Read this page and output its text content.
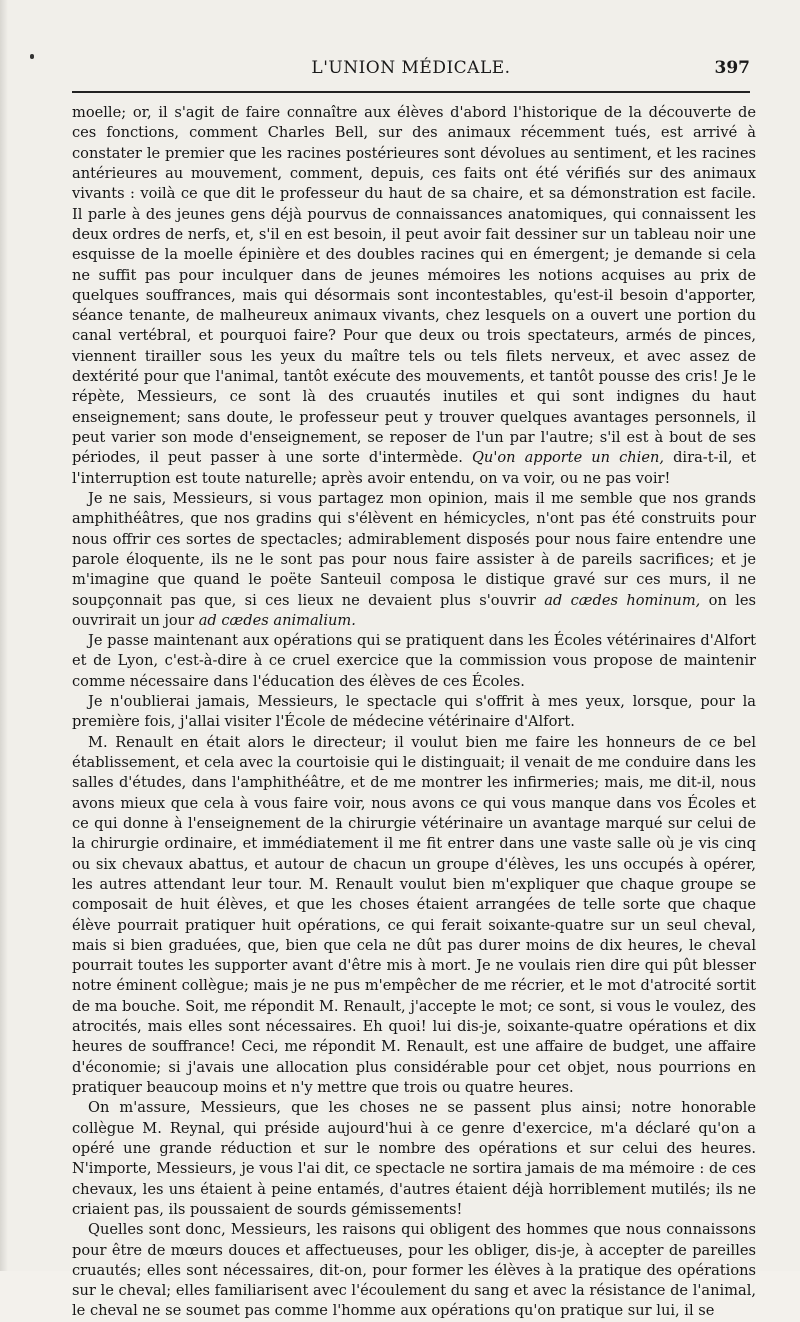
L'UNION MÉDICALE.	397

moelle; or, il s'agit de faire connaître aux élèves d'abord l'historique de la découverte de ces fonctions, comment Charles Bell, sur des animaux récemment tués, est arrivé à constater le premier que les racines postérieures sont dévolues au sentiment, et les racines antérieures au mouvement, comment, depuis, ces faits ont été vérifiés sur des animaux vivants : voilà ce que dit le professeur du haut de sa chaire, et sa démonstration est facile. Il parle à des jeunes gens déjà pourvus de connaissances anatomiques, qui connaissent les deux ordres de nerfs, et, s'il en est besoin, il peut avoir fait dessiner sur un tableau noir une esquisse de la moelle épinière et des doubles racines qui en émergent; je demande si cela ne suffit pas pour inculquer dans de jeunes mémoires les notions acquises au prix de quelques souffrances, mais qui désormais sont incontestables, qu'est-il besoin d'apporter, séance tenante, de malheureux animaux vivants, chez lesquels on a ouvert une portion du canal vertébral, et pourquoi faire? Pour que deux ou trois spectateurs, armés de pinces, viennent tirailler sous les yeux du maître tels ou tels filets nerveux, et avec assez de dextérité pour que l'animal, tantôt exécute des mouvements, et tantôt pousse des cris! Je le répète, Messieurs, ce sont là des cruautés inutiles et qui sont indignes du haut enseignement; sans doute, le professeur peut y trouver quelques avantages personnels, il peut varier son mode d'enseignement, se reposer de l'un par l'autre; s'il est à bout de ses périodes, il peut passer à une sorte d'intermède. Qu'on apporte un chien, dira-t-il, et l'interruption est toute naturelle; après avoir entendu, on va voir, ou ne pas voir!

Je ne sais, Messieurs, si vous partagez mon opinion, mais il me semble que nos grands amphithéâtres, que nos gradins qui s'élèvent en hémicycles, n'ont pas été construits pour nous offrir ces sortes de spectacles; admirablement disposés pour nous faire entendre une parole éloquente, ils ne le sont pas pour nous faire assister à de pareils sacrifices; et je m'imagine que quand le poëte Santeuil composa le distique gravé sur ces murs, il ne soupçonnait pas que, si ces lieux ne devaient plus s'ouvrir ad cædes hominum, on les ouvrirait un jour ad cædes animalium.

Je passe maintenant aux opérations qui se pratiquent dans les Écoles vétérinaires d'Alfort et de Lyon, c'est-à-dire à ce cruel exercice que la commission vous propose de maintenir comme nécessaire dans l'éducation des élèves de ces Écoles.

Je n'oublierai jamais, Messieurs, le spectacle qui s'offrit à mes yeux, lorsque, pour la première fois, j'allai visiter l'École de médecine vétérinaire d'Alfort.

M. Renault en était alors le directeur; il voulut bien me faire les honneurs de ce bel établissement, et cela avec la courtoisie qui le distinguait; il venait de me conduire dans les salles d'études, dans l'amphithéâtre, et de me montrer les infirmeries; mais, me dit-il, nous avons mieux que cela à vous faire voir, nous avons ce qui vous manque dans vos Écoles et ce qui donne à l'enseignement de la chirurgie vétérinaire un avantage marqué sur celui de la chirurgie ordinaire, et immédiatement il me fit entrer dans une vaste salle où je vis cinq ou six chevaux abattus, et autour de chacun un groupe d'élèves, les uns occupés à opérer, les autres attendant leur tour. M. Renault voulut bien m'expliquer que chaque groupe se composait de huit élèves, et que les choses étaient arrangées de telle sorte que chaque élève pourrait pratiquer huit opérations, ce qui ferait soixante-quatre sur un seul cheval, mais si bien graduées, que, bien que cela ne dût pas durer moins de dix heures, le cheval pourrait toutes les supporter avant d'être mis à mort. Je ne voulais rien dire qui pût blesser notre éminent collègue; mais je ne pus m'empêcher de me récrier, et le mot d'atrocité sortit de ma bouche. Soit, me répondit M. Renault, j'accepte le mot; ce sont, si vous le voulez, des atrocités, mais elles sont nécessaires. Eh quoi! lui dis-je, soixante-quatre opérations et dix heures de souffrance! Ceci, me répondit M. Renault, est une affaire de budget, une affaire d'économie; si j'avais une allocation plus considérable pour cet objet, nous pourrions en pratiquer beaucoup moins et n'y mettre que trois ou quatre heures.

On m'assure, Messieurs, que les choses ne se passent plus ainsi; notre honorable collègue M. Reynal, qui préside aujourd'hui à ce genre d'exercice, m'a déclaré qu'on a opéré une grande réduction et sur le nombre des opérations et sur celui des heures. N'importe, Messieurs, je vous l'ai dit, ce spectacle ne sortira jamais de ma mémoire : de ces chevaux, les uns étaient à peine entamés, d'autres étaient déjà horriblement mutilés; ils ne criaient pas, ils poussaient de sourds gémissements!

Quelles sont donc, Messieurs, les raisons qui obligent des hommes que nous connaissons pour être de mœurs douces et affectueuses, pour les obliger, dis-je, à accepter de pareilles cruautés; elles sont nécessaires, dit-on, pour former les élèves à la pratique des opérations sur le cheval; elles familiarisent avec l'écoulement du sang et avec la résistance de l'animal, le cheval ne se soumet pas comme l'homme aux opérations qu'on pratique sur lui, il se
